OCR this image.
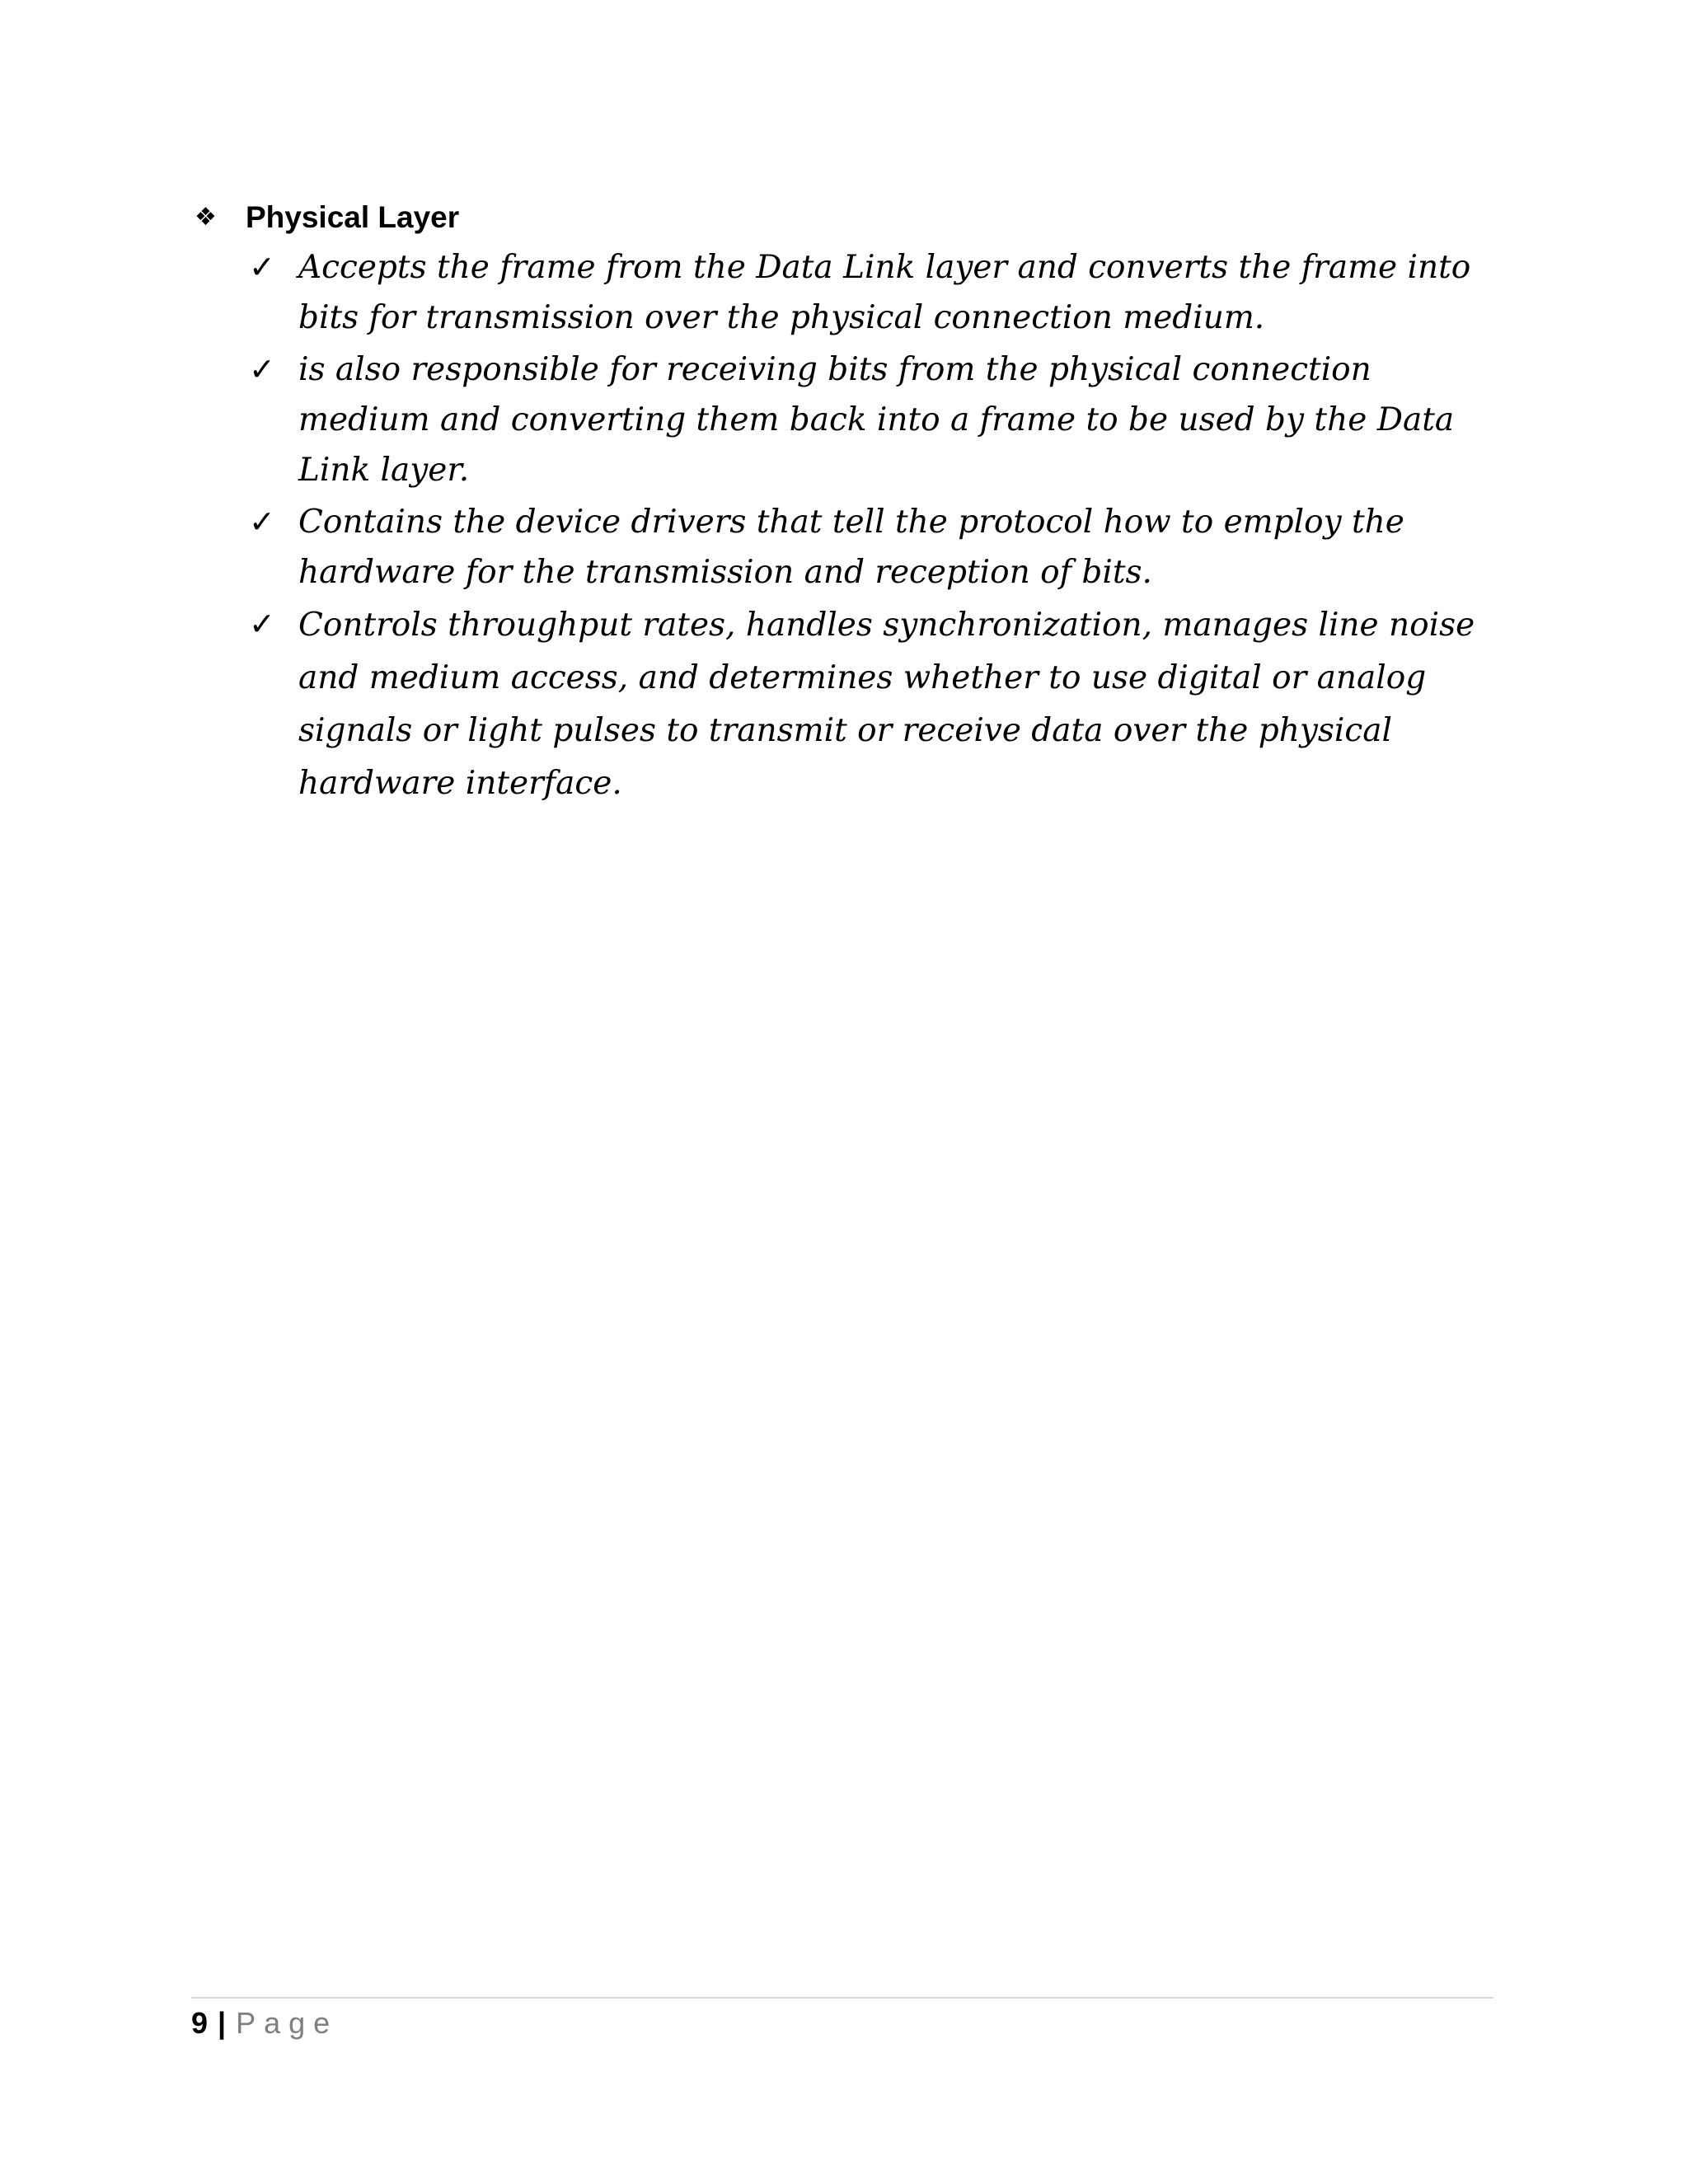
❖ Physical Layer
✓ Accepts the frame from the Data Link layer and converts the frame into bits for transmission over the physical connection medium.
✓ is also responsible for receiving bits from the physical connection medium and converting them back into a frame to be used by the Data Link layer.
✓ Contains the device drivers that tell the protocol how to employ the hardware for the transmission and reception of bits.
✓ Controls throughput rates, handles synchronization, manages line noise and medium access, and determines whether to use digital or analog signals or light pulses to transmit or receive data over the physical hardware interface.
9 | Page
